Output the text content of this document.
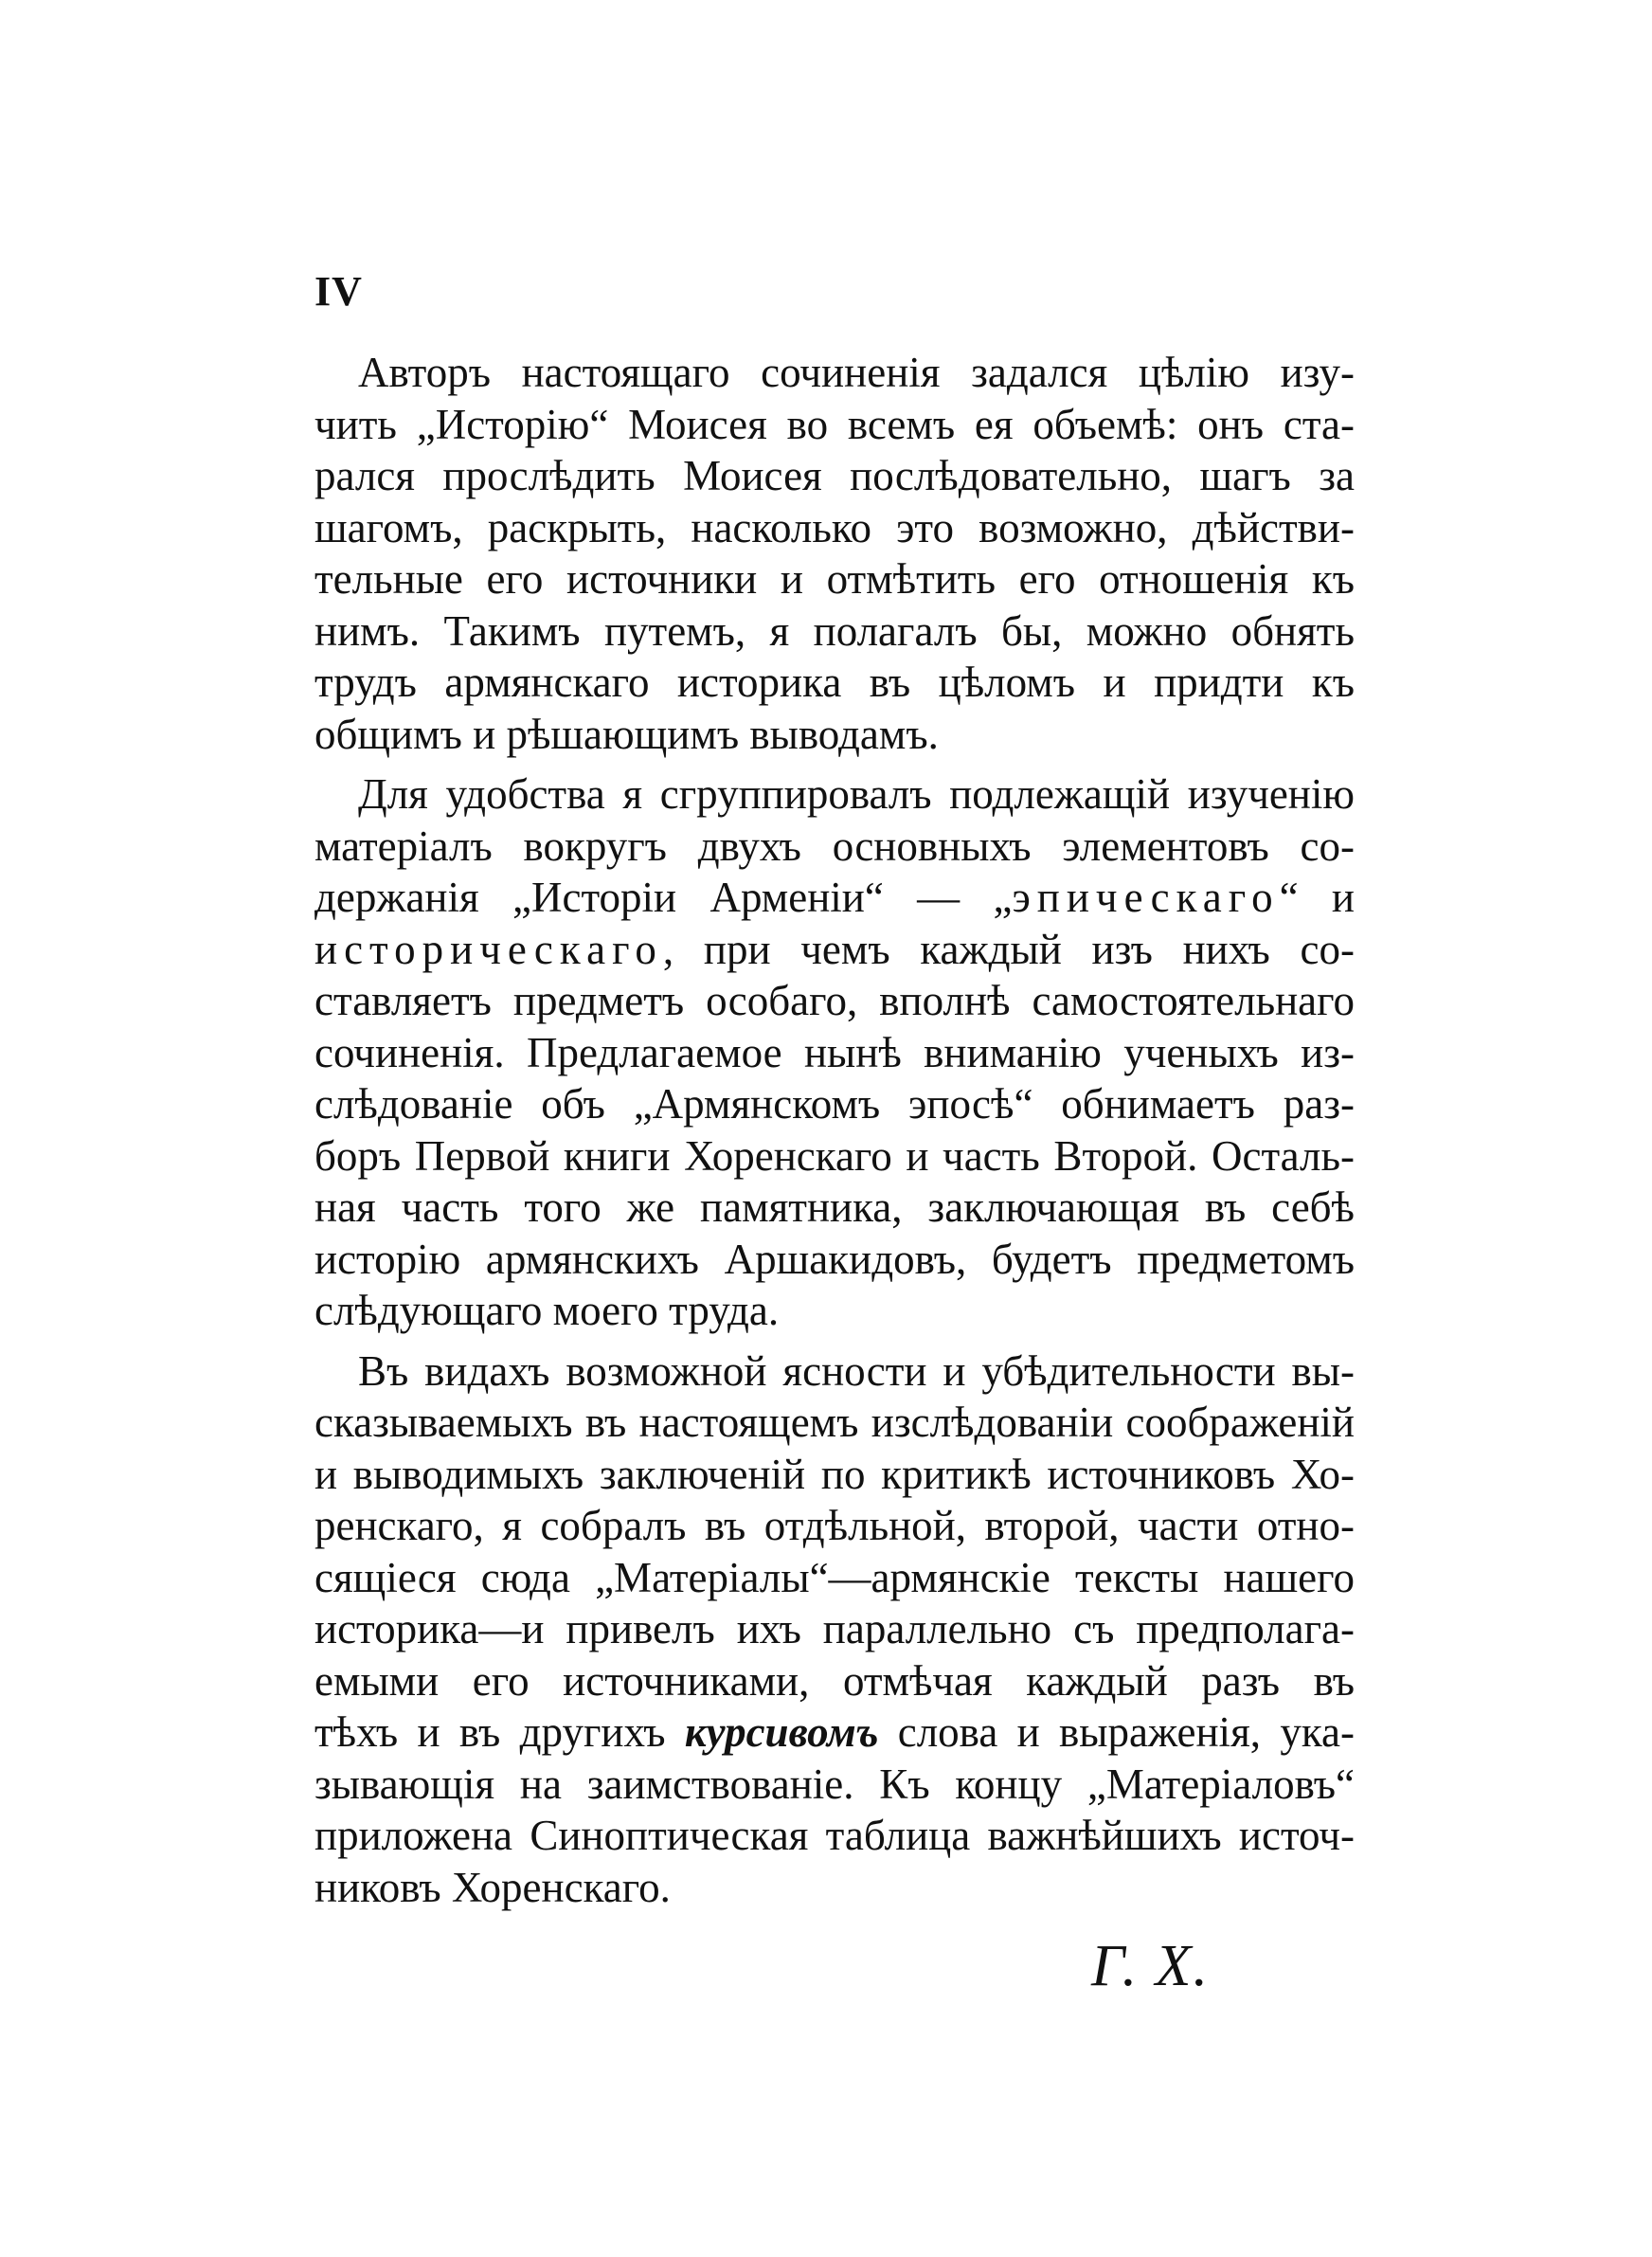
IV
Авторъ настоящаго сочиненія задался цѣлію изу-
чить „Исторію“ Моисея во всемъ ея объемѣ: онъ ста-
рался прослѣдить Моисея послѣдовательно, шагъ за
шагомъ, раскрыть, насколько это возможно, дѣйстви-
тельные его источники и отмѣтить его отношенія къ
нимъ. Такимъ путемъ, я полагалъ бы, можно обнять
трудъ армянскаго историка въ цѣломъ и придти къ
общимъ и рѣшающимъ выводамъ.
Для удобства я сгруппировалъ подлежащій изученію
матеріалъ вокругъ двухъ основныхъ элементовъ со-
держанія „Исторіи Арменіи“ — „эпическаго“ и
историческаго, при чемъ каждый изъ нихъ со-
ставляетъ предметъ особаго, вполнѣ самостоятельнаго
сочиненія. Предлагаемое нынѣ вниманію ученыхъ из-
слѣдованіе объ „Армянскомъ эпосѣ“ обнимаетъ раз-
боръ Первой книги Хоренскаго и часть Второй. Осталь-
ная часть того же памятника, заключающая въ себѣ
исторію армянскихъ Аршакидовъ, будетъ предметомъ
слѣдующаго моего труда.
Въ видахъ возможной ясности и убѣдительности вы-
сказываемыхъ въ настоящемъ изслѣдованіи соображеній
и выводимыхъ заключеній по критикѣ источниковъ Хо-
ренскаго, я собралъ въ отдѣльной, второй, части отно-
сящіеся сюда „Матеріалы“—армянскіе тексты нашего
историка—и привелъ ихъ параллельно съ предполага-
емыми его источниками, отмѣчая каждый разъ въ
тѣхъ и въ другихъ курсивомъ слова и выраженія, ука-
зывающія на заимствованіе. Къ концу „Матеріаловъ“
приложена Синоптическая таблица важнѣйшихъ источ-
никовъ Хоренскаго.
Г. Х.
